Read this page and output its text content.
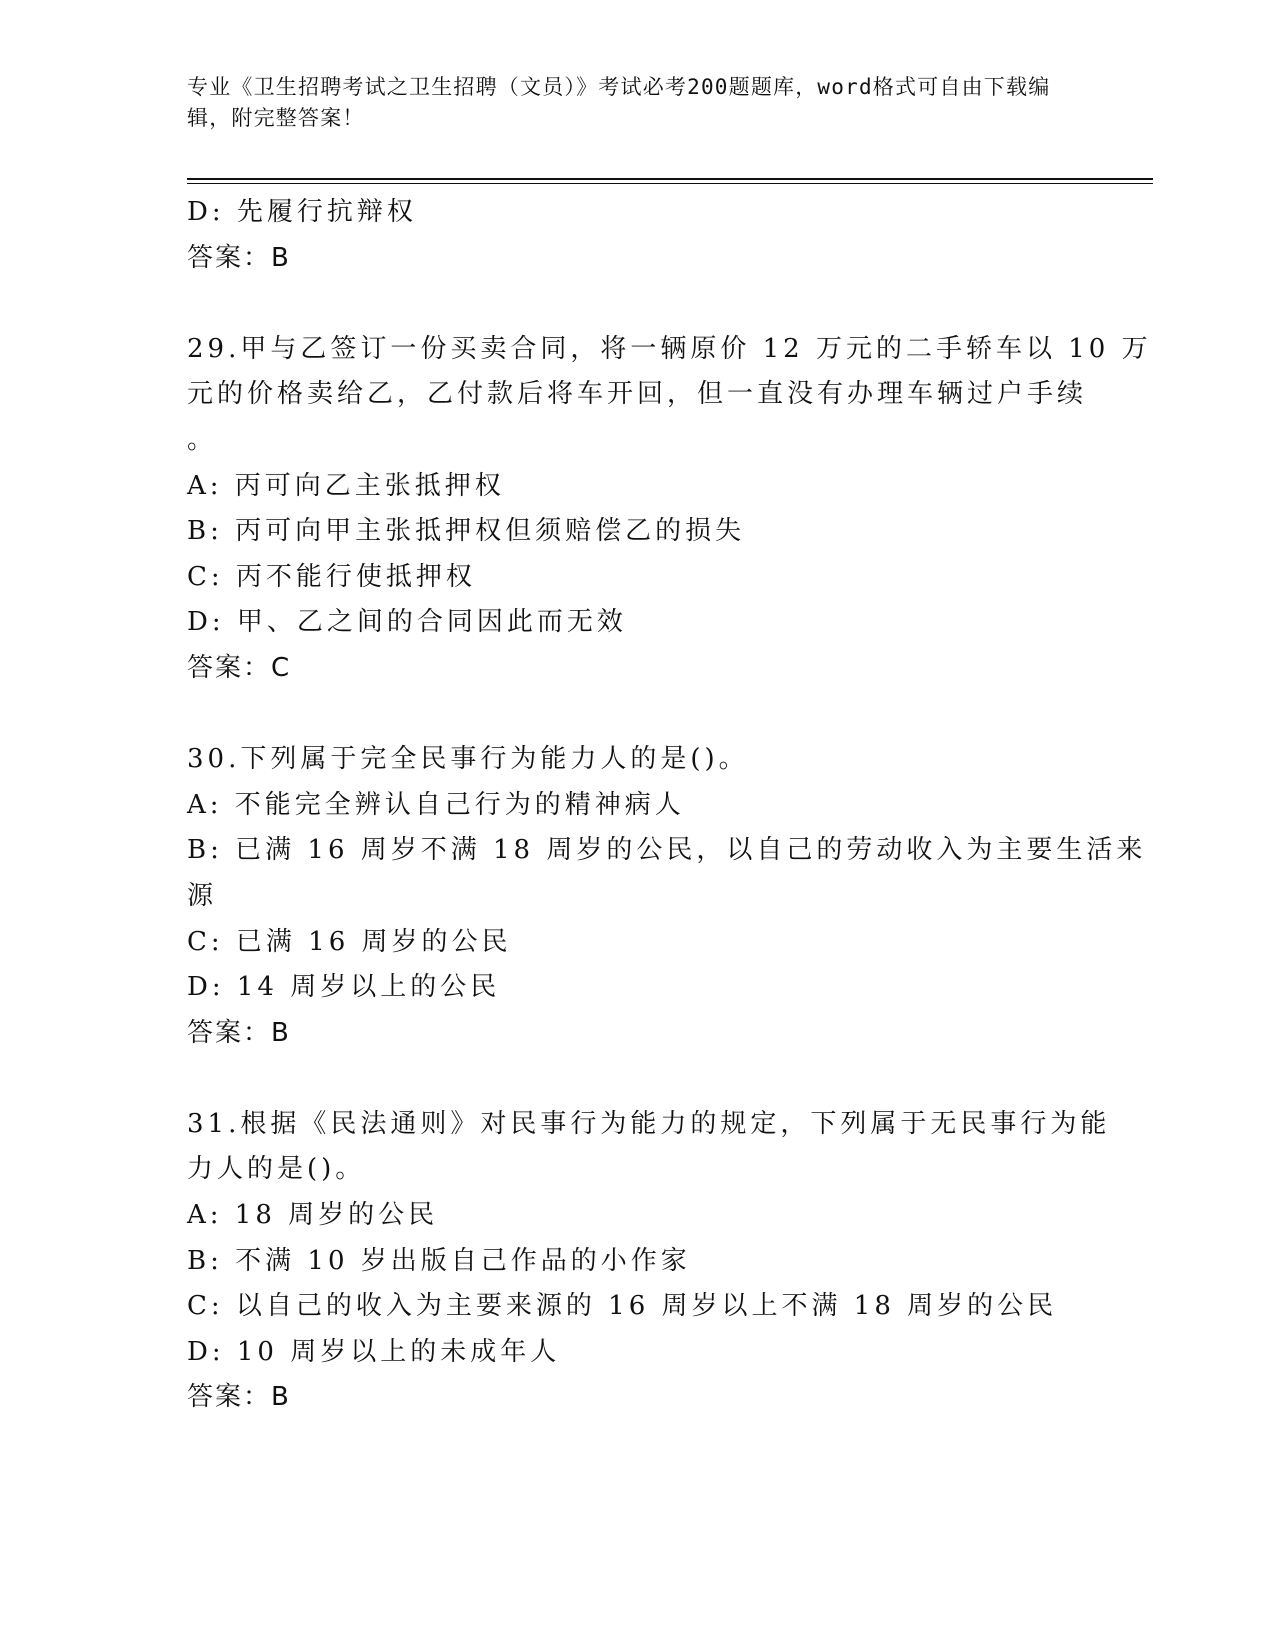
专业《卫生招聘考试之卫生招聘（文员）》考试必考200题题库，word格式可自由下载编辑，附完整答案！
D: 先履行抗辩权
答案：B
29.甲与乙签订一份买卖合同，将一辆原价 12 万元的二手轿车以 10 万
元的价格卖给乙，乙付款后将车开回，但一直没有办理车辆过户手续
。
A: 丙可向乙主张抵押权
B: 丙可向甲主张抵押权但须赔偿乙的损失
C: 丙不能行使抵押权
D: 甲、乙之间的合同因此而无效
答案：C
30.下列属于完全民事行为能力人的是()。
A: 不能完全辨认自己行为的精神病人
B: 已满 16 周岁不满 18 周岁的公民，以自己的劳动收入为主要生活来
源
C: 已满 16 周岁的公民
D: 14 周岁以上的公民
答案：B
31.根据《民法通则》对民事行为能力的规定，下列属于无民事行为能
力人的是()。
A: 18 周岁的公民
B: 不满 10 岁出版自己作品的小作家
C: 以自己的收入为主要来源的 16 周岁以上不满 18 周岁的公民
D: 10 周岁以上的未成年人
答案：B
